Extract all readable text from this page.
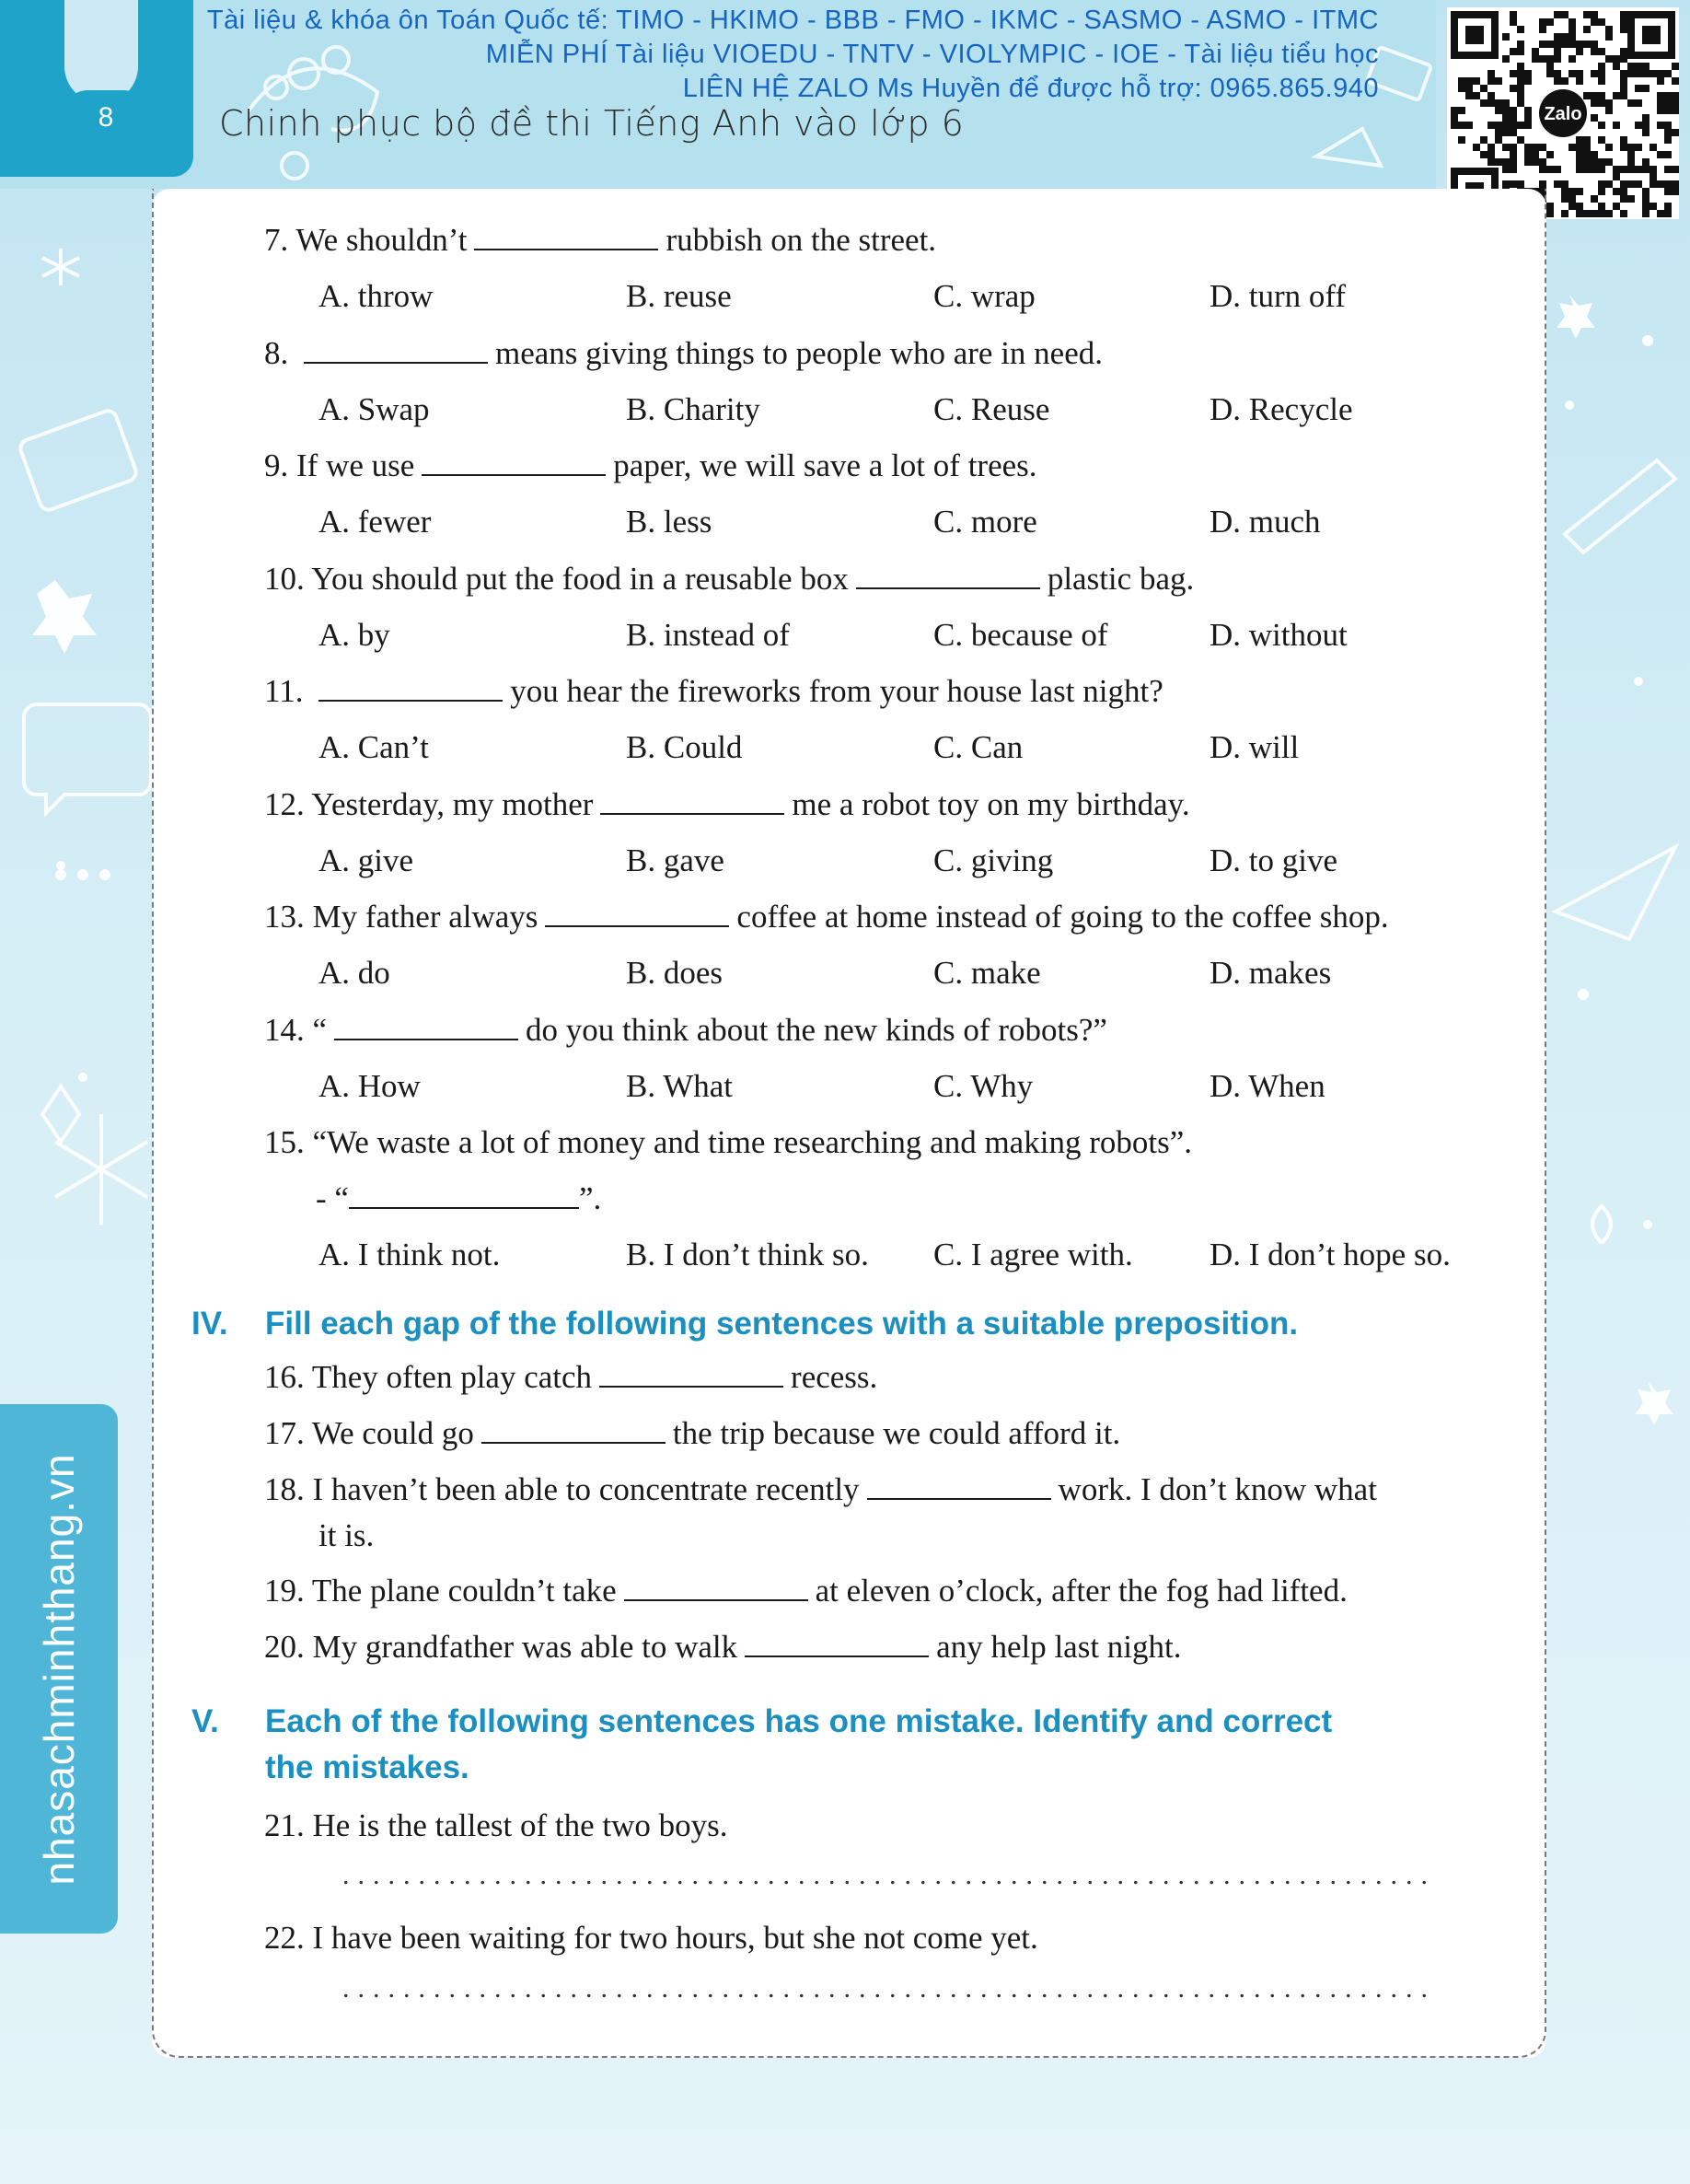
8
Tài liệu & khóa ôn Toán Quốc tế: TIMO - HKIMO - BBB - FMO - IKMC - SASMO - ASMO - ITMC
MIỄN PHÍ Tài liệu VIOEDU - TNTV - VIOLYMPIC - IOE - Tài liệu tiểu học
LIÊN HỆ ZALO Ms Huyền để được hỗ trợ: 0965.865.940
Chinh phục bộ đề thi Tiếng Anh vào lớp 6	Zalo
nhasachminhthang.vn
7. We shouldn’t	rubbish on the street.
A. throw	B. reuse	C. wrap	D. turn off
8.	means giving things to people who are in need.
A. Swap	B. Charity	C. Reuse	D. Recycle
9. If we use	paper, we will save a lot of trees.
A. fewer	B. less	C. more	D. much
10. You should put the food in a reusable box	plastic bag.
A. by	B. instead of	C. because of	D. without
11.	you hear the fireworks from your house last night?
A. Can’t	B. Could	C. Can	D. will
12. Yesterday, my mother	me a robot toy on my birthday.
A. give	B. gave	C. giving	D. to give
13. My father always	coffee at home instead of going to the coffee shop.
A. do	B. does	C. make	D. makes
14. “	do you think about the new kinds of robots?”
A. How	B. What	C. Why	D. When
15. “We waste a lot of money and time researching and making robots”.
- “	”.
A. I think not.	B. I don’t think so. C. I agree with. D. I don’t hope so.
IV. Fill each gap of the following sentences with a suitable preposition.
16. They often play catch	recess.
17. We could go	the trip because we could afford it.
18. I haven’t been able to concentrate recently	work. I don’t know what
it is.
19. The plane couldn’t take	at eleven o’clock, after the fog had lifted.
20. My grandfather was able to walk	any help last night.
V. Each of the following sentences has one mistake. Identify and correct
the mistakes.
21. He is the tallest of the two boys.
........................................................................
22. I have been waiting for two hours, but she not come yet.
........................................................................
